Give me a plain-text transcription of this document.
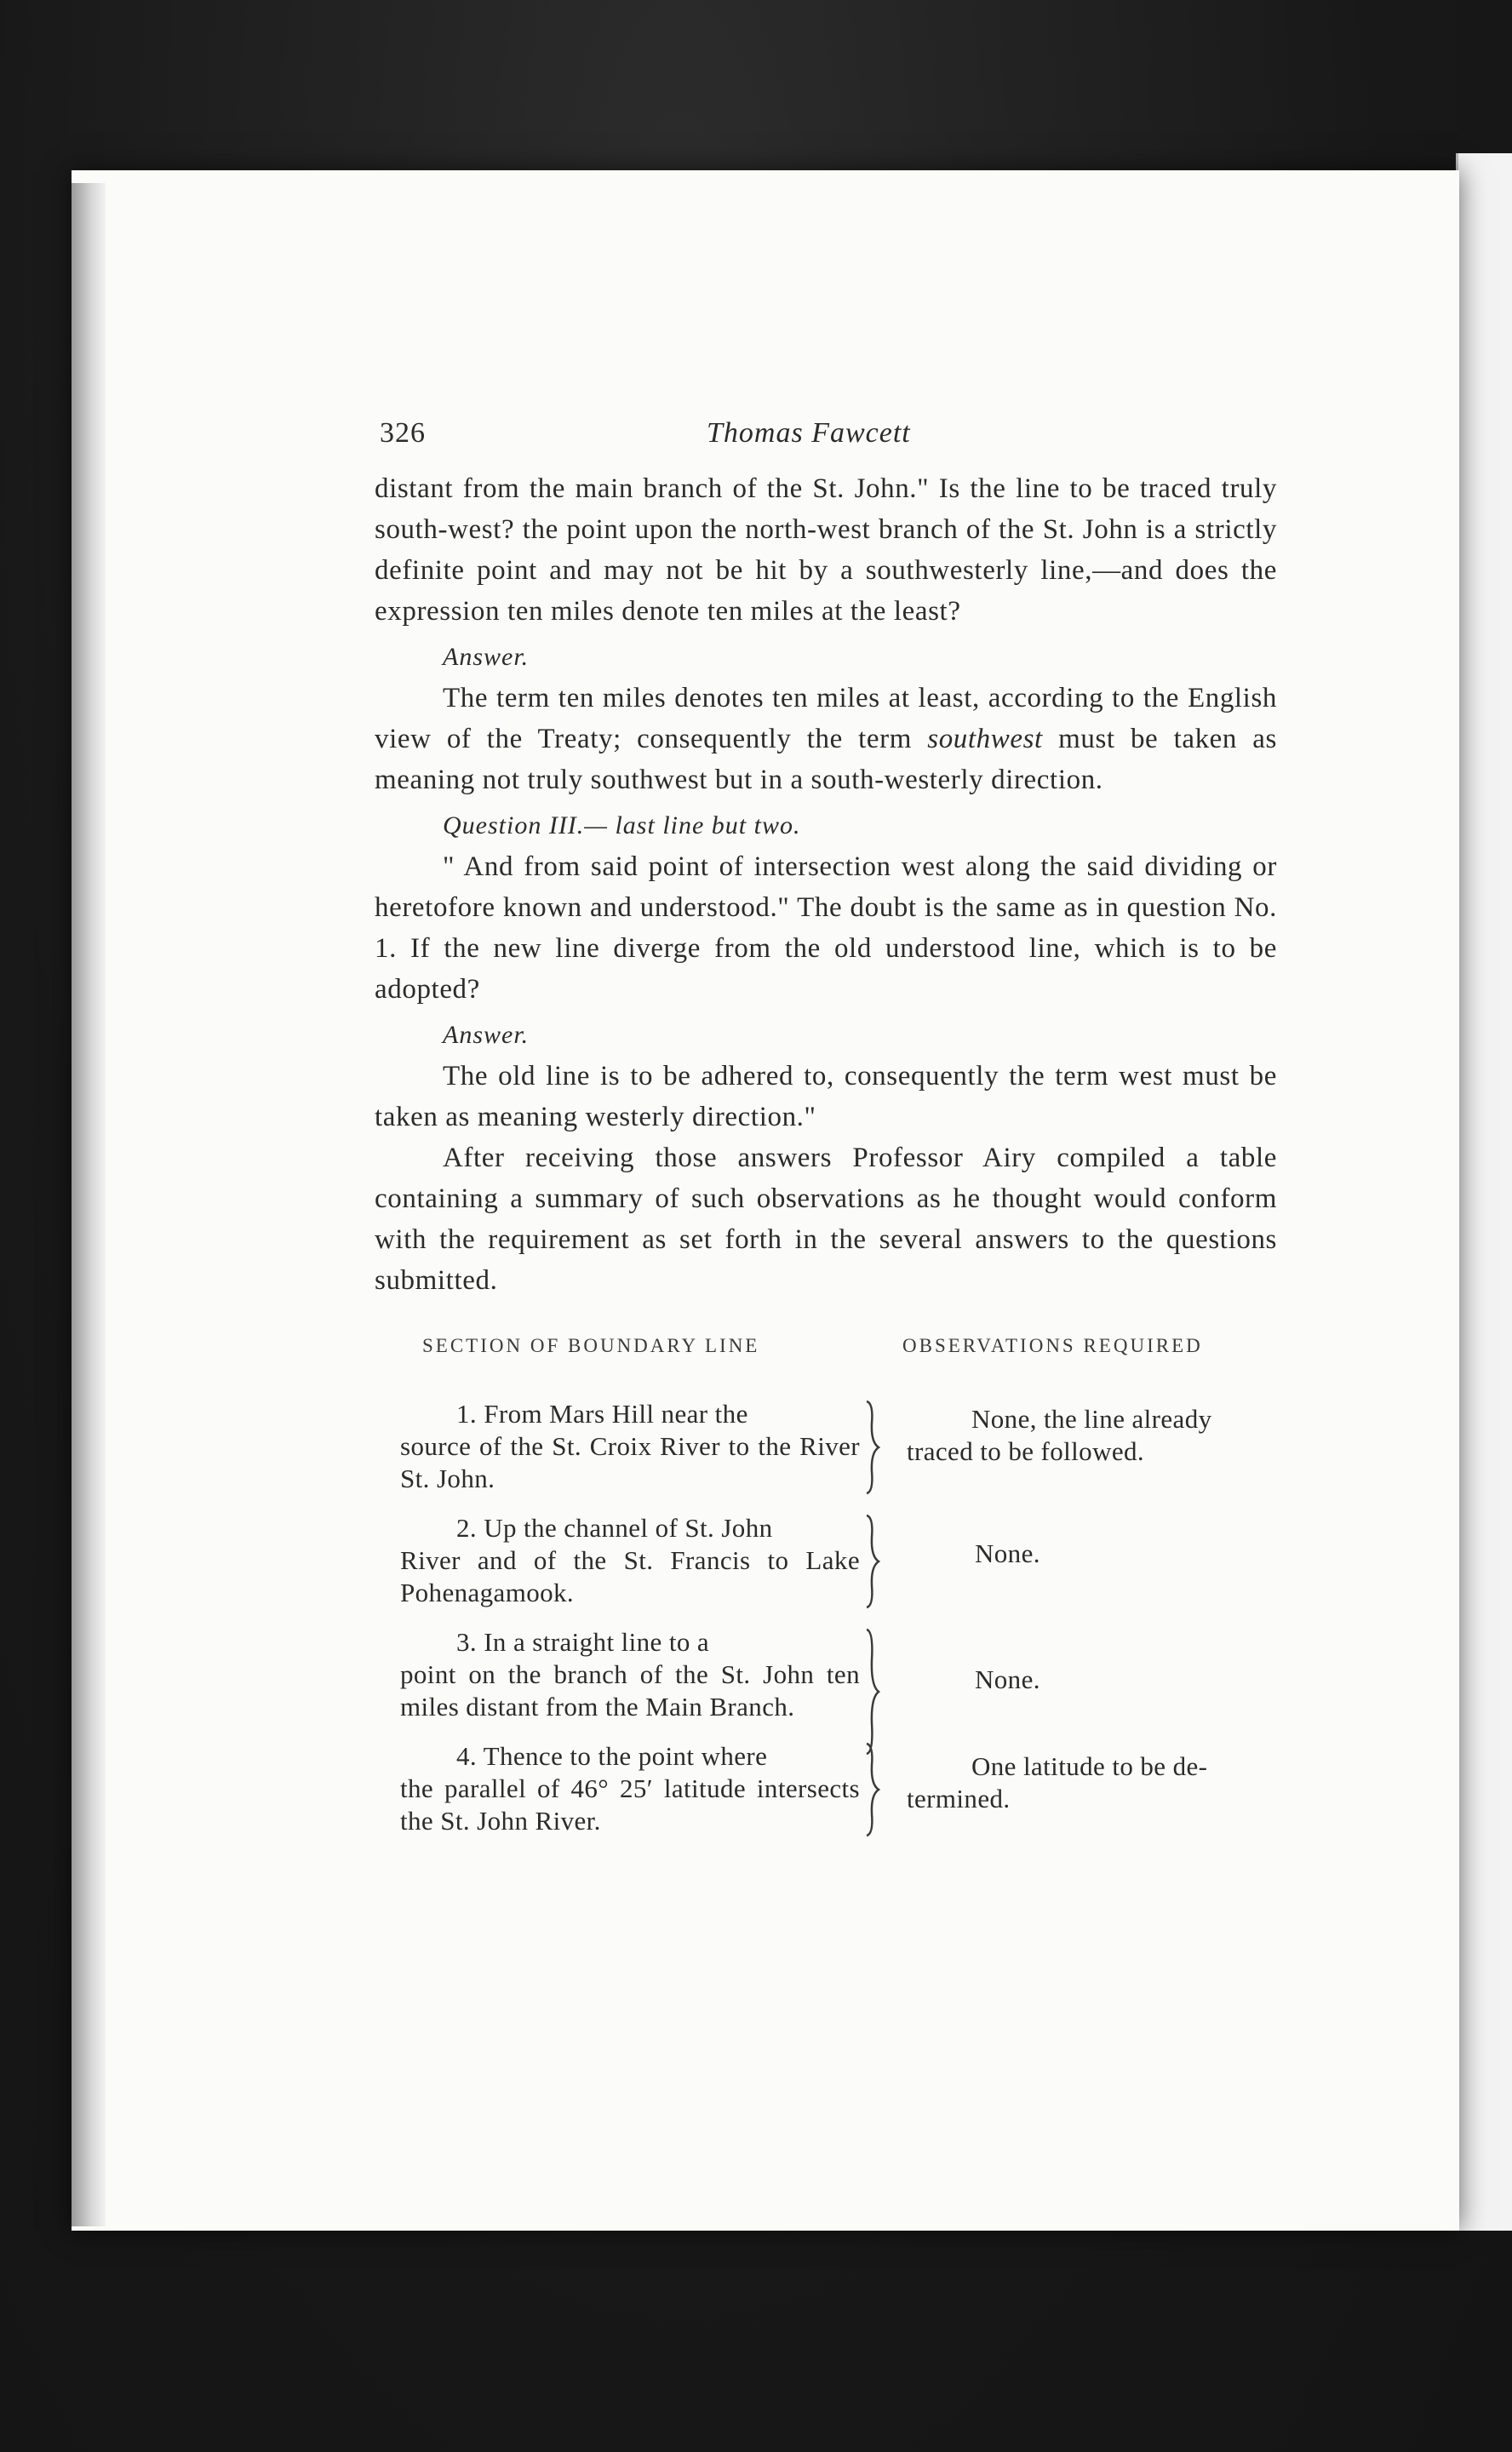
326	Thomas Fawcett

distant from the main branch of the St. John." Is the line to be traced truly south-west? the point upon the north-west branch of the St. John is a strictly definite point and may not be hit by a southwesterly line,—and does the expression ten miles denote ten miles at the least?

Answer.

The term ten miles denotes ten miles at least, according to the English view of the Treaty; consequently the term southwest must be taken as meaning not truly southwest but in a south-westerly direction.

Question III.— last line but two.

" And from said point of intersection west along the said dividing or heretofore known and understood." The doubt is the same as in question No. 1. If the new line diverge from the old understood line, which is to be adopted?

Answer.

The old line is to be adhered to, consequently the term west must be taken as meaning westerly direction."

After receiving those answers Professor Airy compiled a table containing a summary of such observations as he thought would conform with the requirement as set forth in the several answers to the questions submitted.

SECTION OF BOUNDARY LINE	OBSERVATIONS REQUIRED
1. From Mars Hill near the
source of the St. Croix River to the River St. John.
None, the line already
traced to be followed.
2. Up the channel of St. John
River and of the St. Francis to Lake Pohenagamook.
None.
3. In a straight line to a
point on the branch of the St. John ten miles distant from the Main Branch.
None.
4. Thence to the point where
the parallel of 46° 25′ latitude intersects the St. John River.
One latitude to be de-
termined.
